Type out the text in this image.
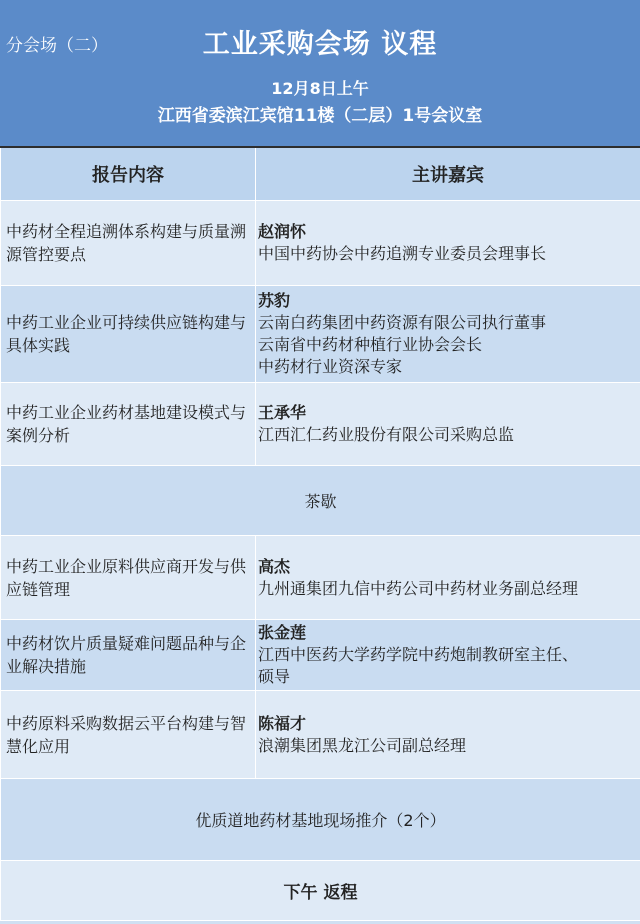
分会场（二）	工业采购会场 议程
12月8日上午
江西省委滨江宾馆11楼（二层）1号会议室
报告内容	主讲嘉宾
中药材全程追溯体系构建与质量溯源管控要点	赵润怀
中国中药协会中药追溯专业委员会理事长

中药工业企业可持续供应链构建与具体实践	苏豹
云南白药集团中药资源有限公司执行董事
云南省中药材种植行业协会会长
中药材行业资深专家

中药工业企业药材基地建设模式与案例分析	王承华
江西汇仁药业股份有限公司采购总监

茶歇	
中药工业企业原料供应商开发与供应链管理	高杰
九州通集团九信中药公司中药材业务副总经理

中药材饮片质量疑难问题品种与企业解决措施	张金莲
江西中医药大学药学院中药炮制教研室主任、
硕导

中药原料采购数据云平台构建与智慧化应用	陈福才
浪潮集团黑龙江公司副总经理

优质道地药材基地现场推介（2个）	
下午 返程	
